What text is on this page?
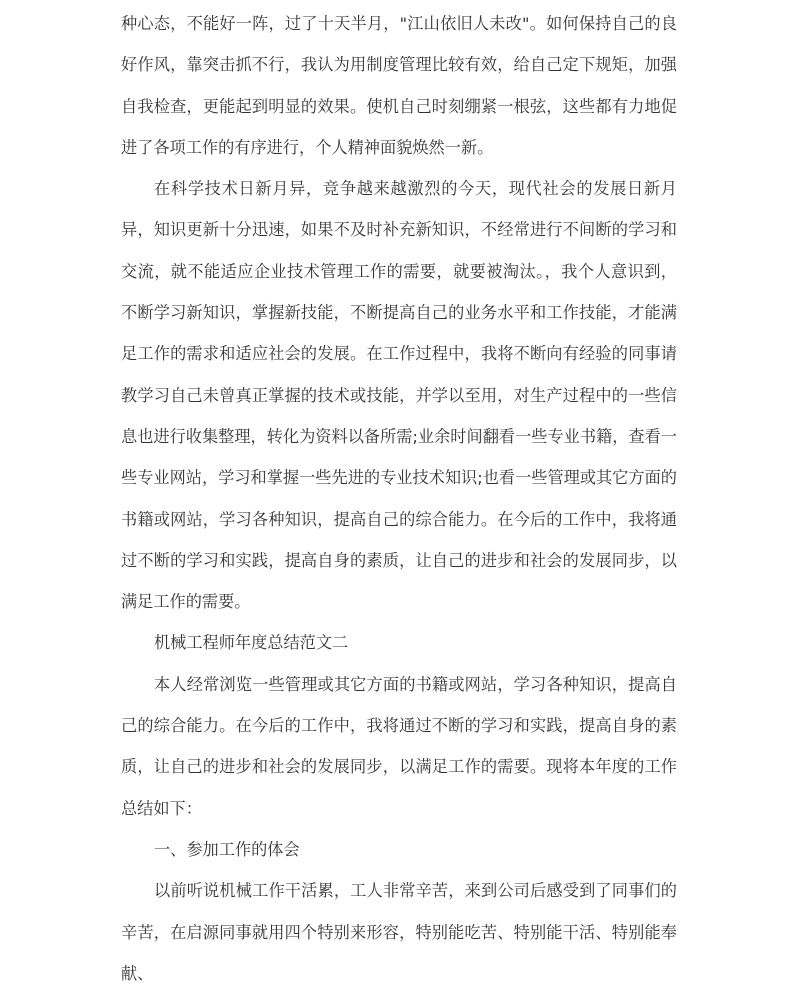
种心态，不能好一阵，过了十天半月，"江山依旧人未改"。如何保持自己的良好作风，靠突击抓不行，我认为用制度管理比较有效，给自己定下规矩，加强自我检查，更能起到明显的效果。使机自己时刻绷紧一根弦，这些都有力地促进了各项工作的有序进行，个人精神面貌焕然一新。

在科学技术日新月异，竞争越来越激烈的今天，现代社会的发展日新月异，知识更新十分迅速，如果不及时补充新知识，不经常进行不间断的学习和交流，就不能适应企业技术管理工作的需要，就要被淘汰。，我个人意识到，不断学习新知识，掌握新技能，不断提高自己的业务水平和工作技能，才能满足工作的需求和适应社会的发展。在工作过程中，我将不断向有经验的同事请教学习自己未曾真正掌握的技术或技能，并学以至用，对生产过程中的一些信息也进行收集整理，转化为资料以备所需;业余时间翻看一些专业书籍，查看一些专业网站，学习和掌握一些先进的专业技术知识;也看一些管理或其它方面的书籍或网站，学习各种知识，提高自己的综合能力。在今后的工作中，我将通过不断的学习和实践，提高自身的素质，让自己的进步和社会的发展同步，以满足工作的需要。

机械工程师年度总结范文二

本人经常浏览一些管理或其它方面的书籍或网站，学习各种知识，提高自己的综合能力。在今后的工作中，我将通过不断的学习和实践，提高自身的素质，让自己的进步和社会的发展同步，以满足工作的需要。现将本年度的工作总结如下：

一、参加工作的体会

以前听说机械工作干活累，工人非常辛苦，来到公司后感受到了同事们的辛苦，在启源同事就用四个特别来形容，特别能吃苦、特别能干活、特别能奉献、
